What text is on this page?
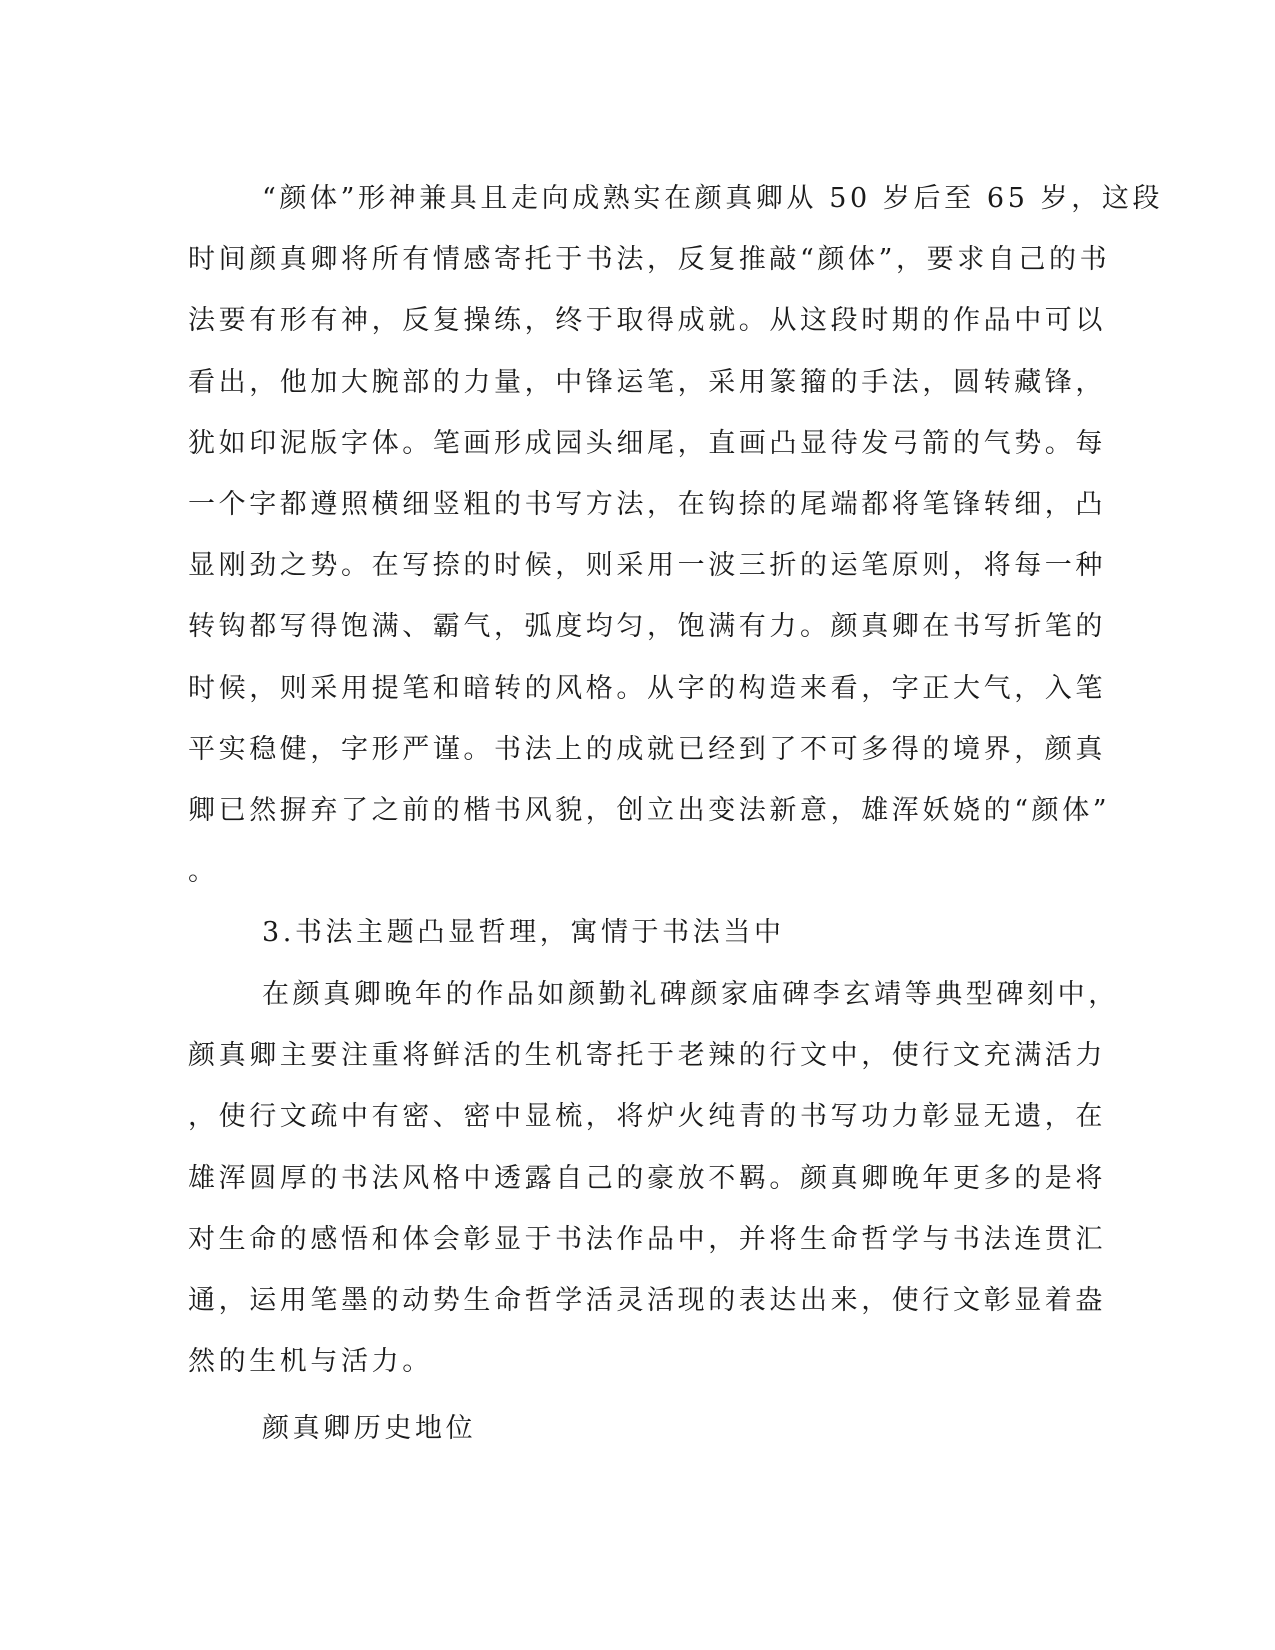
“颜体”形神兼具且走向成熟实在颜真卿从 50 岁后至 65 岁，这段
时间颜真卿将所有情感寄托于书法，反复推敲“颜体”，要求自己的书
法要有形有神，反复操练，终于取得成就。从这段时期的作品中可以
看出，他加大腕部的力量，中锋运笔，采用篆籀的手法，圆转藏锋，
犹如印泥版字体。笔画形成园头细尾，直画凸显待发弓箭的气势。每
一个字都遵照横细竖粗的书写方法，在钩捺的尾端都将笔锋转细，凸
显刚劲之势。在写捺的时候，则采用一波三折的运笔原则，将每一种
转钩都写得饱满、霸气，弧度均匀，饱满有力。颜真卿在书写折笔的
时候，则采用提笔和暗转的风格。从字的构造来看，字正大气，入笔
平实稳健，字形严谨。书法上的成就已经到了不可多得的境界，颜真
卿已然摒弃了之前的楷书风貌，创立出变法新意，雄浑妖娆的“颜体”
。
3.书法主题凸显哲理，寓情于书法当中
在颜真卿晚年的作品如颜勤礼碑颜家庙碑李玄靖等典型碑刻中，
颜真卿主要注重将鲜活的生机寄托于老辣的行文中，使行文充满活力
，使行文疏中有密、密中显梳，将炉火纯青的书写功力彰显无遗，在
雄浑圆厚的书法风格中透露自己的豪放不羁。颜真卿晚年更多的是将
对生命的感悟和体会彰显于书法作品中，并将生命哲学与书法连贯汇
通，运用笔墨的动势生命哲学活灵活现的表达出来，使行文彰显着盎
然的生机与活力。
颜真卿历史地位
